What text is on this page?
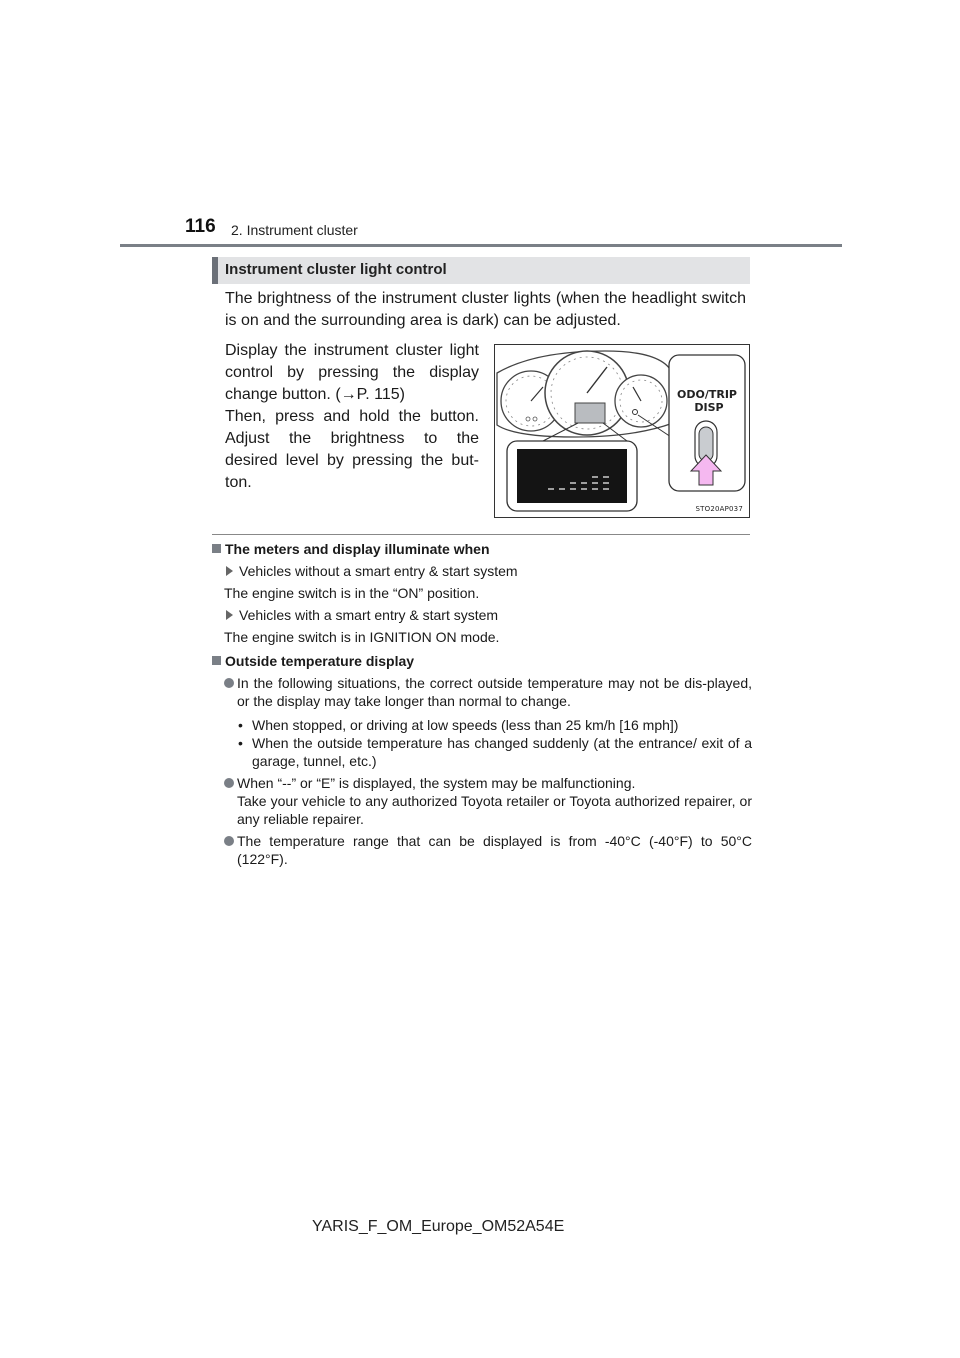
116 2. Instrument cluster
Instrument cluster light control
The brightness of the instrument cluster lights (when the headlight switch is on and the surrounding area is dark) can be adjusted.
Display the instrument cluster light
control by pressing the display
change button. (→P. 115)
Then, press and hold the button.
Adjust the brightness to the
desired level by pressing the but-
ton.
ODO/TRIP
DISP
STO20AP037
The meters and display illuminate when
Vehicles without a smart entry & start system
The engine switch is in the “ON” position.
Vehicles with a smart entry & start system
The engine switch is in IGNITION ON mode.
Outside temperature display
In the following situations, the correct outside temperature may not be dis-played, or the display may take longer than normal to change.
• When stopped, or driving at low speeds (less than 25 km/h [16 mph])
• When the outside temperature has changed suddenly (at the entrance/ exit of a garage, tunnel, etc.)
When “--” or “E” is displayed, the system may be malfunctioning.
Take your vehicle to any authorized Toyota retailer or Toyota authorized repairer, or any reliable repairer.
The temperature range that can be displayed is from -40°C (-40°F) to 50°C (122°F).
YARIS_F_OM_Europe_OM52A54E
